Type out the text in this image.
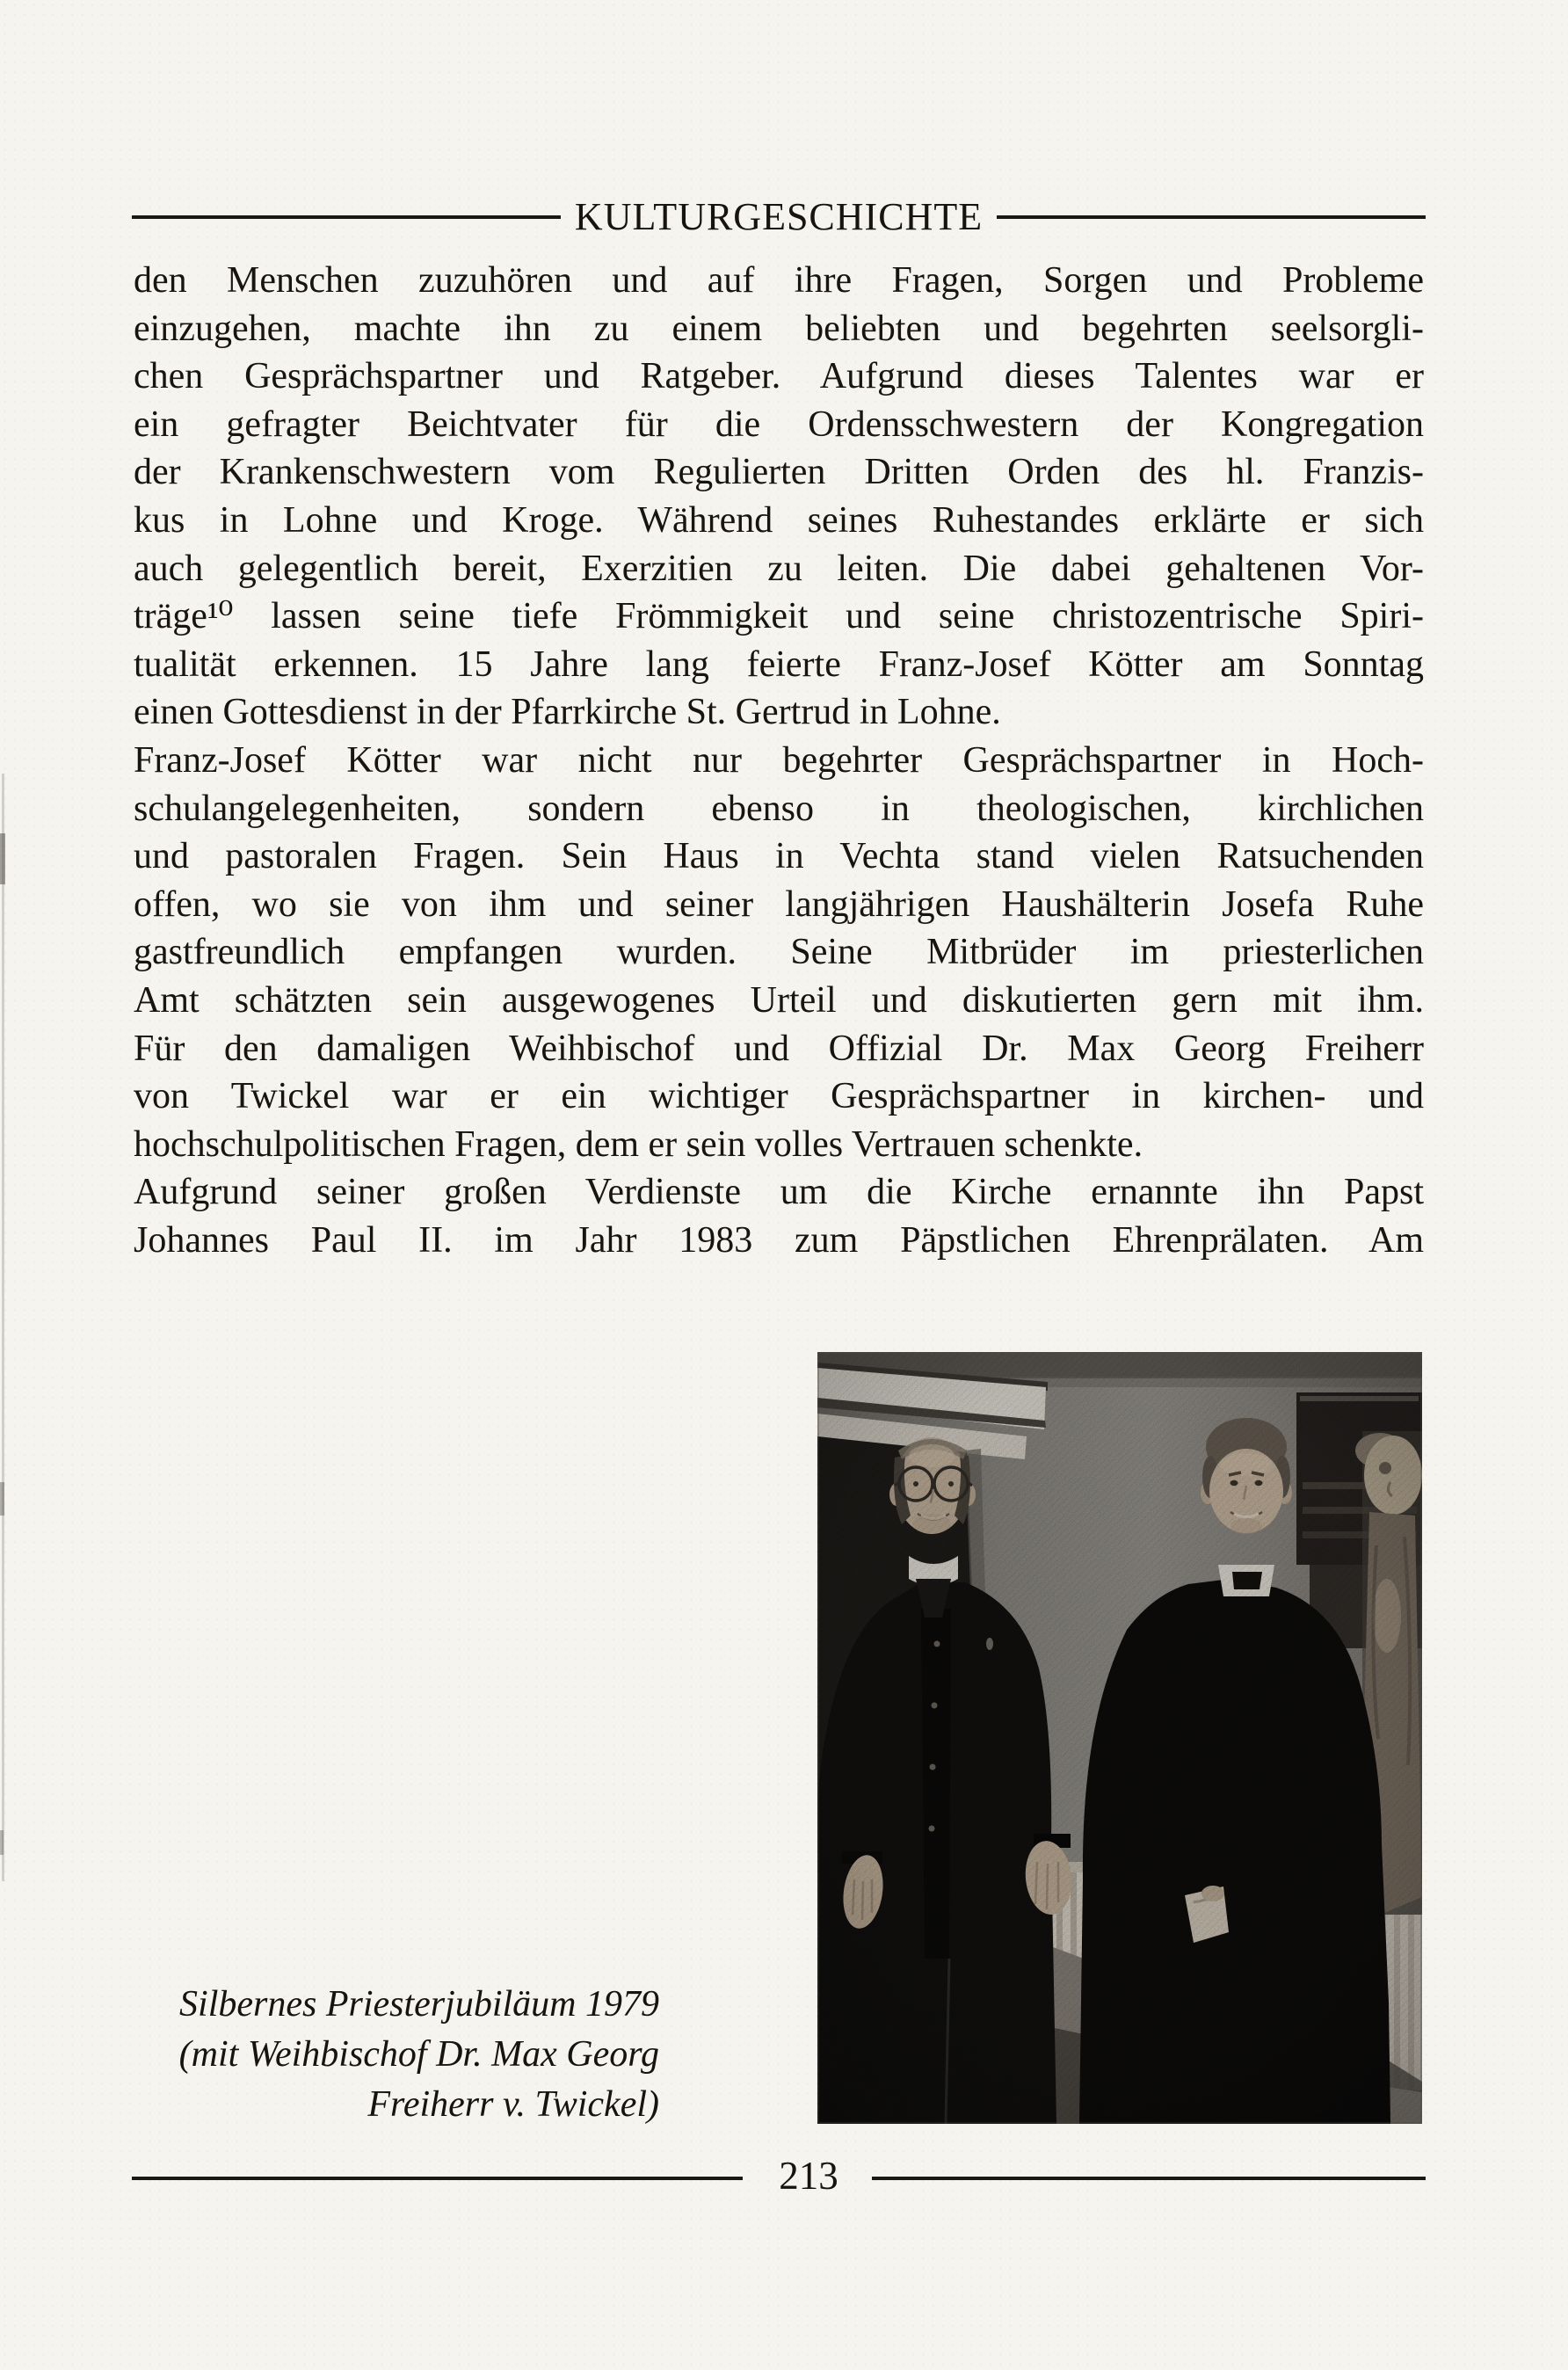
KULTURGESCHICHTE
den Menschen zuzuhören und auf ihre Fragen, Sorgen und Probleme
einzugehen, machte ihn zu einem beliebten und begehrten seelsorgli-
chen Gesprächspartner und Ratgeber. Aufgrund dieses Talentes war er
ein gefragter Beichtvater für die Ordensschwestern der Kongregation
der Krankenschwestern vom Regulierten Dritten Orden des hl. Franzis-
kus in Lohne und Kroge. Während seines Ruhestandes erklärte er sich
auch gelegentlich bereit, Exerzitien zu leiten. Die dabei gehaltenen Vor-
träge¹⁰ lassen seine tiefe Frömmigkeit und seine christozentrische Spiri-
tualität erkennen. 15 Jahre lang feierte Franz-Josef Kötter am Sonntag
einen Gottesdienst in der Pfarrkirche St. Gertrud in Lohne.
Franz-Josef Kötter war nicht nur begehrter Gesprächspartner in Hoch-
schulangelegenheiten, sondern ebenso in theologischen, kirchlichen
und pastoralen Fragen. Sein Haus in Vechta stand vielen Ratsuchenden
offen, wo sie von ihm und seiner langjährigen Haushälterin Josefa Ruhe
gastfreundlich empfangen wurden. Seine Mitbrüder im priesterlichen
Amt schätzten sein ausgewogenes Urteil und diskutierten gern mit ihm.
Für den damaligen Weihbischof und Offizial Dr. Max Georg Freiherr
von Twickel war er ein wichtiger Gesprächspartner in kirchen- und
hochschulpolitischen Fragen, dem er sein volles Vertrauen schenkte.
Aufgrund seiner großen Verdienste um die Kirche ernannte ihn Papst
Johannes Paul II. im Jahr 1983 zum Päpstlichen Ehrenprälaten. Am
Silbernes Priesterjubiläum 1979
(mit Weihbischof Dr. Max Georg
Freiherr v. Twickel)
213
